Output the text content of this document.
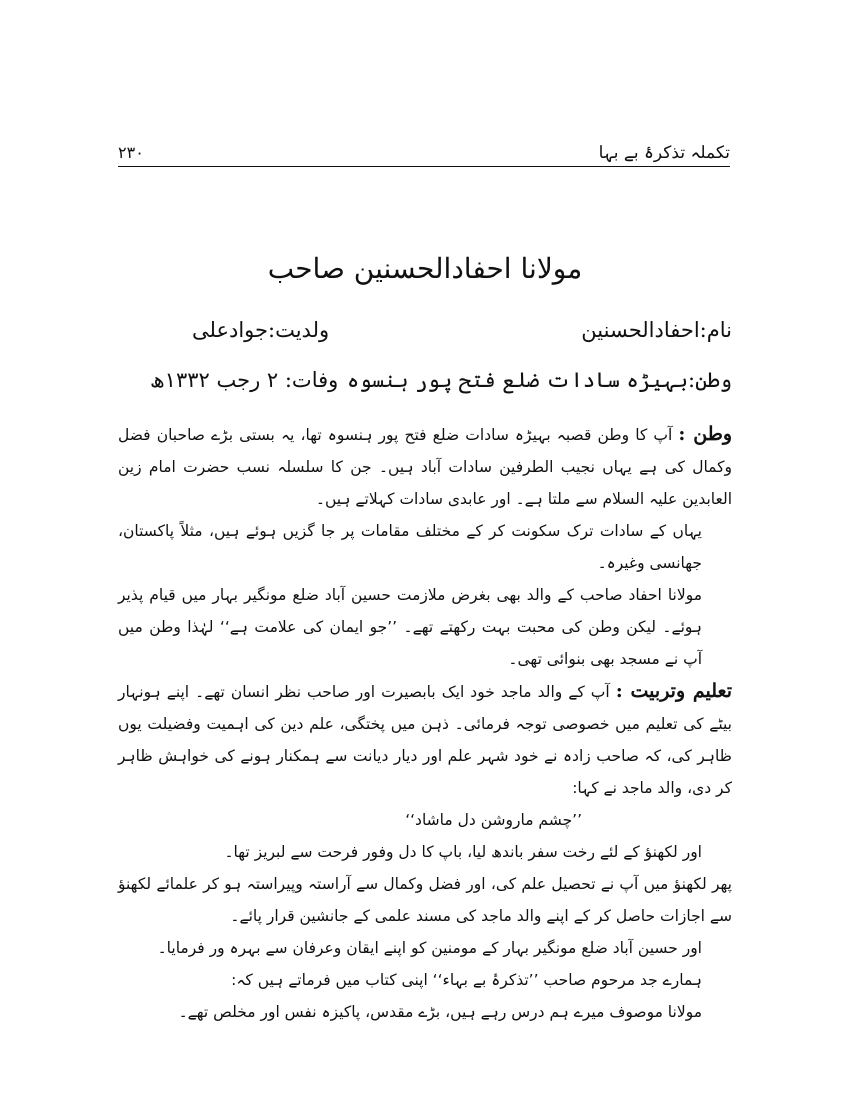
تکملہ تذکرۂ بے بہا
۲۳۰
مولانا احفادالحسنین صاحب
نام:احفادالحسنین
ولدیت:جوادعلی
وطن:بہیڑہ سادات ضلع فتح پور ہنسوہ
وفات: ۲ رجب ۱۳۳۲ھ

وطن : آپ کا وطن قصبہ بہیڑہ سادات ضلع فتح پور ہنسوہ تھا، یہ بستی بڑے صاحبان فضل وکمال کی ہے یہاں نجیب الطرفین سادات آباد ہیں۔ جن کا سلسلہ نسب حضرت امام زین العابدین علیہ السلام سے ملتا ہے۔ اور عابدی سادات کہلاتے ہیں۔

یہاں کے سادات ترک سکونت کر کے مختلف مقامات پر جا گزیں ہوئے ہیں، مثلاً پاکستان، جھانسی وغیرہ۔

مولانا احفاد صاحب کے والد بھی بغرض ملازمت حسین آباد ضلع مونگیر بہار میں قیام پذیر ہوئے۔ لیکن وطن کی محبت بہت رکھتے تھے۔ ’’جو ایمان کی علامت ہے‘‘ لہٰذا وطن میں آپ نے مسجد بھی بنوائی تھی۔

تعلیم وتربیت : آپ کے والد ماجد خود ایک بابصیرت اور صاحب نظر انسان تھے۔ اپنے ہونہار بیٹے کی تعلیم میں خصوصی توجہ فرمائی۔ ذہن میں پختگی، علم دین کی اہمیت وفضیلت یوں ظاہر کی، کہ صاحب زادہ نے خود شہر علم اور دیار دیانت سے ہمکنار ہونے کی خواہش ظاہر کر دی، والد ماجد نے کہا:

’’چشم ماروشن دل ماشاد‘‘

اور لکھنؤ کے لئے رخت سفر باندھ لیا، باپ کا دل وفور فرحت سے لبریز تھا۔

پھر لکھنؤ میں آپ نے تحصیل علم کی، اور فضل وکمال سے آراستہ وپیراستہ ہو کر علمائے لکھنؤ سے اجازات حاصل کر کے اپنے والد ماجد کی مسند علمی کے جانشین قرار پائے۔

اور حسین آباد ضلع مونگیر بہار کے مومنین کو اپنے ایقان وعرفان سے بہرہ ور فرمایا۔

ہمارے جد مرحوم صاحب ’’تذکرۂ بے بہاء‘‘ اپنی کتاب میں فرماتے ہیں کہ:

مولانا موصوف میرے ہم درس رہے ہیں، بڑے مقدس، پاکیزہ نفس اور مخلص تھے۔
